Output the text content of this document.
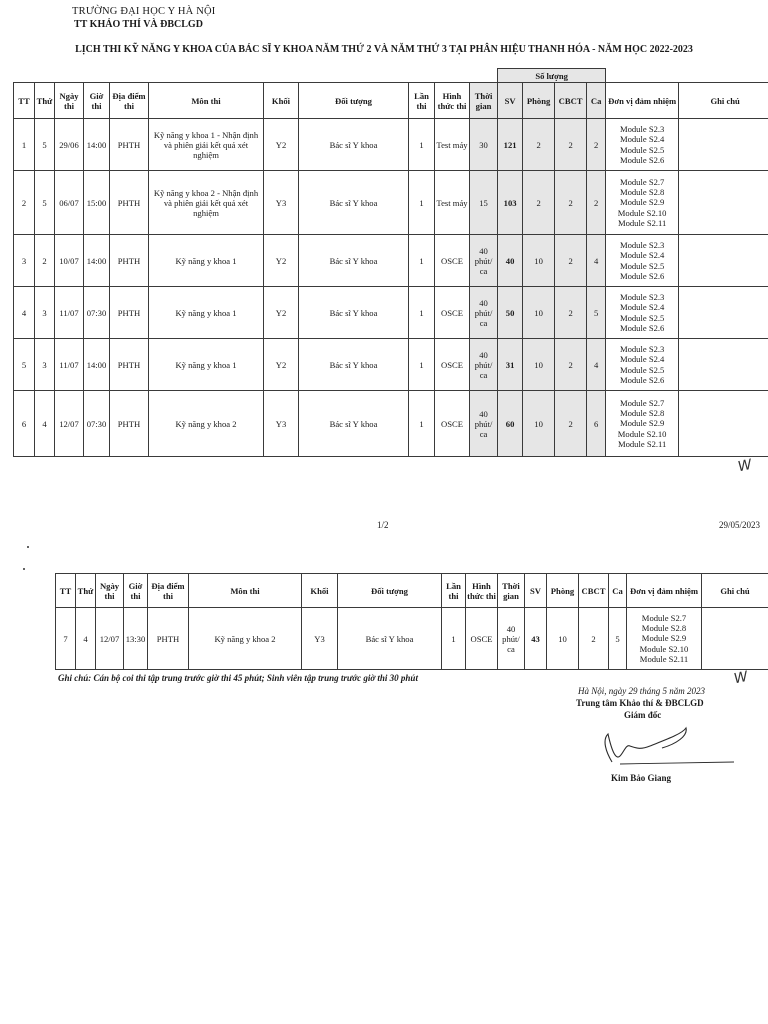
TRƯỜNG ĐẠI HỌC Y HÀ NỘI
TT KHẢO THÍ VÀ ĐBCLGD
LỊCH THI KỸ NĂNG Y KHOA CỦA BÁC SĨ Y KHOA NĂM THỨ 2 VÀ NĂM THỨ 3 TẠI PHÂN HIỆU THANH HÓA - NĂM HỌC 2022-2023
											Số lượng					
TT	Thứ	Ngày thi	Giờ thi	Địa điểm thi	Môn thi	Khối	Đối tượng	Lần thi	Hình thức thi	Thời gian	SV	Phòng	CBCT	Ca	Đơn vị đảm nhiệm	Ghi chú
1	5	29/06	14:00	PHTH	Kỹ năng y khoa 1 - Nhận định và phiên giải kết quả xét nghiệm	Y2	Bác sĩ Y khoa	1	Test máy	30	121	2	2	2	Module S2.3
Module S2.4
Module S2.5
Module S2.6	

2	5	06/07	15:00	PHTH	Kỹ năng y khoa 2 - Nhận định và phiên giải kết quả xét nghiệm	Y3	Bác sĩ Y khoa	1	Test máy	15	103	2	2	2	Module S2.7
Module S2.8
Module S2.9
Module S2.10
Module S2.11	

3	2	10/07	14:00	PHTH	Kỹ năng y khoa 1	Y2	Bác sĩ Y khoa	1	OSCE	40 phút/ ca	40	10	2	4	Module S2.3
Module S2.4
Module S2.5
Module S2.6	

4	3	11/07	07:30	PHTH	Kỹ năng y khoa 1	Y2	Bác sĩ Y khoa	1	OSCE	40 phút/ ca	50	10	2	5	Module S2.3
Module S2.4
Module S2.5
Module S2.6	

5	3	11/07	14:00	PHTH	Kỹ năng y khoa 1	Y2	Bác sĩ Y khoa	1	OSCE	40 phút/ ca	31	10	2	4	Module S2.3
Module S2.4
Module S2.5
Module S2.6	

6	4	12/07	07:30	PHTH	Kỹ năng y khoa 2	Y3	Bác sĩ Y khoa	1	OSCE	40 phút/ ca	60	10	2	6	Module S2.7
Module S2.8
Module S2.9
Module S2.10
Module S2.11	

W
1/2	29/05/2023
TT	Thứ	Ngày thi	Giờ thi	Địa điểm thi	Môn thi	Khối	Đối tượng	Lần thi	Hình thức thi	Thời gian	SV	Phòng	CBCT	Ca	Đơn vị đảm nhiệm	Ghi chú
7	4	12/07	13:30	PHTH	Kỹ năng y khoa 2	Y3	Bác sĩ Y khoa	1	OSCE	40 phút/ ca	43	10	2	5	Module S2.7
Module S2.8
Module S2.9
Module S2.10
Module S2.11	

Ghi chú: Cán bộ coi thi tập trung trước giờ thi 45 phút; Sinh viên tập trung trước giờ thi 30 phút	W
Hà Nội, ngày 29 tháng 5 năm 2023
Trung tâm Khảo thí & ĐBCLGD
Giám đốc
Kim Bảo Giang
